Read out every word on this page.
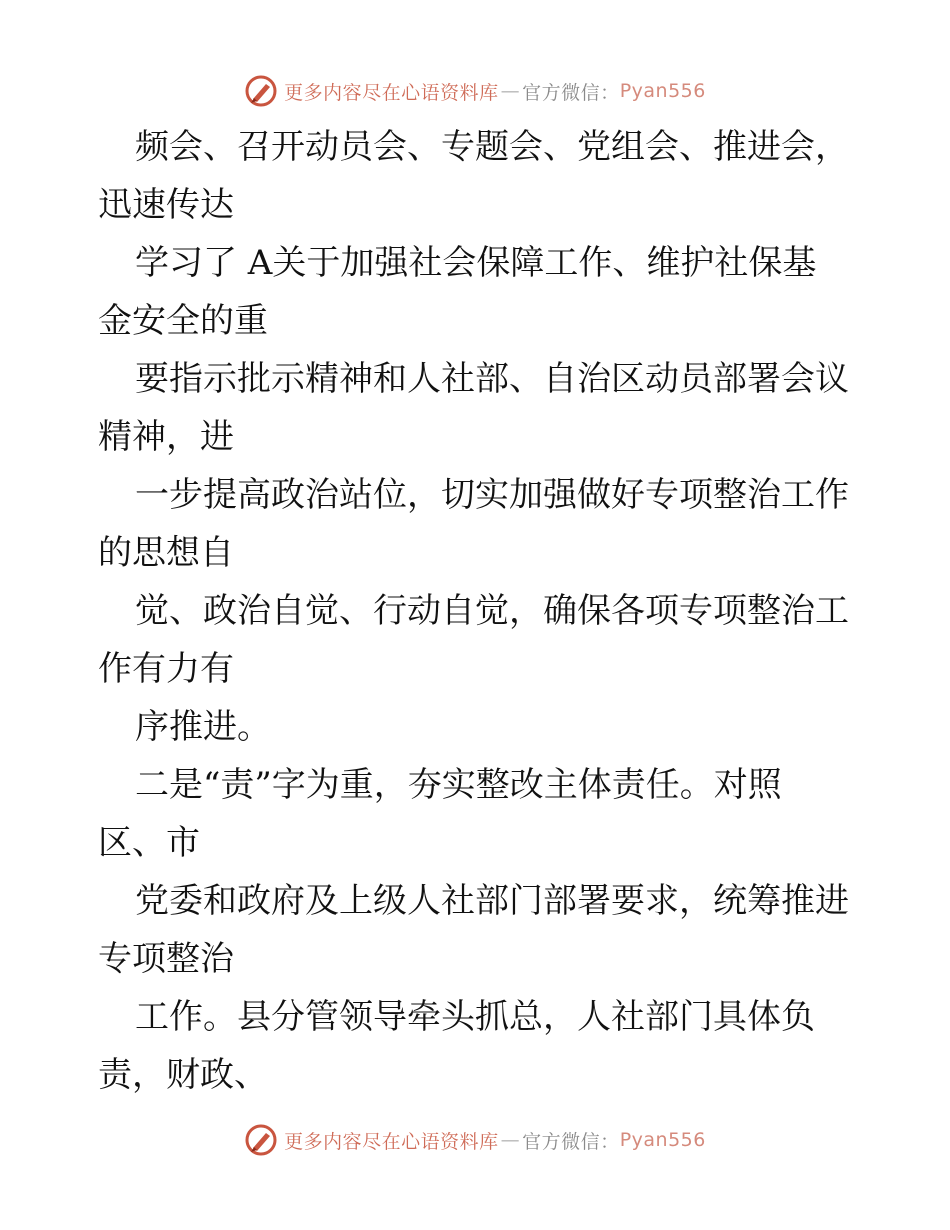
更多内容尽在心语资料库 — 官方微信： Pyan556
频会、召开动员会、专题会、党组会、推进会，
迅速传达
学习了 A关于加强社会保障工作、维护社保基
金安全的重
要指示批示精神和人社部、自治区动员部署会议
精神，进
一步提高政治站位，切实加强做好专项整治工作
的思想自
觉、政治自觉、行动自觉，确保各项专项整治工
作有力有
序推进。
二是“责”字为重，夯实整改主体责任。对照
区、市
党委和政府及上级人社部门部署要求，统筹推进
专项整治
工作。县分管领导牵头抓总，人社部门具体负
责，财政、
更多内容尽在心语资料库 — 官方微信： Pyan556
